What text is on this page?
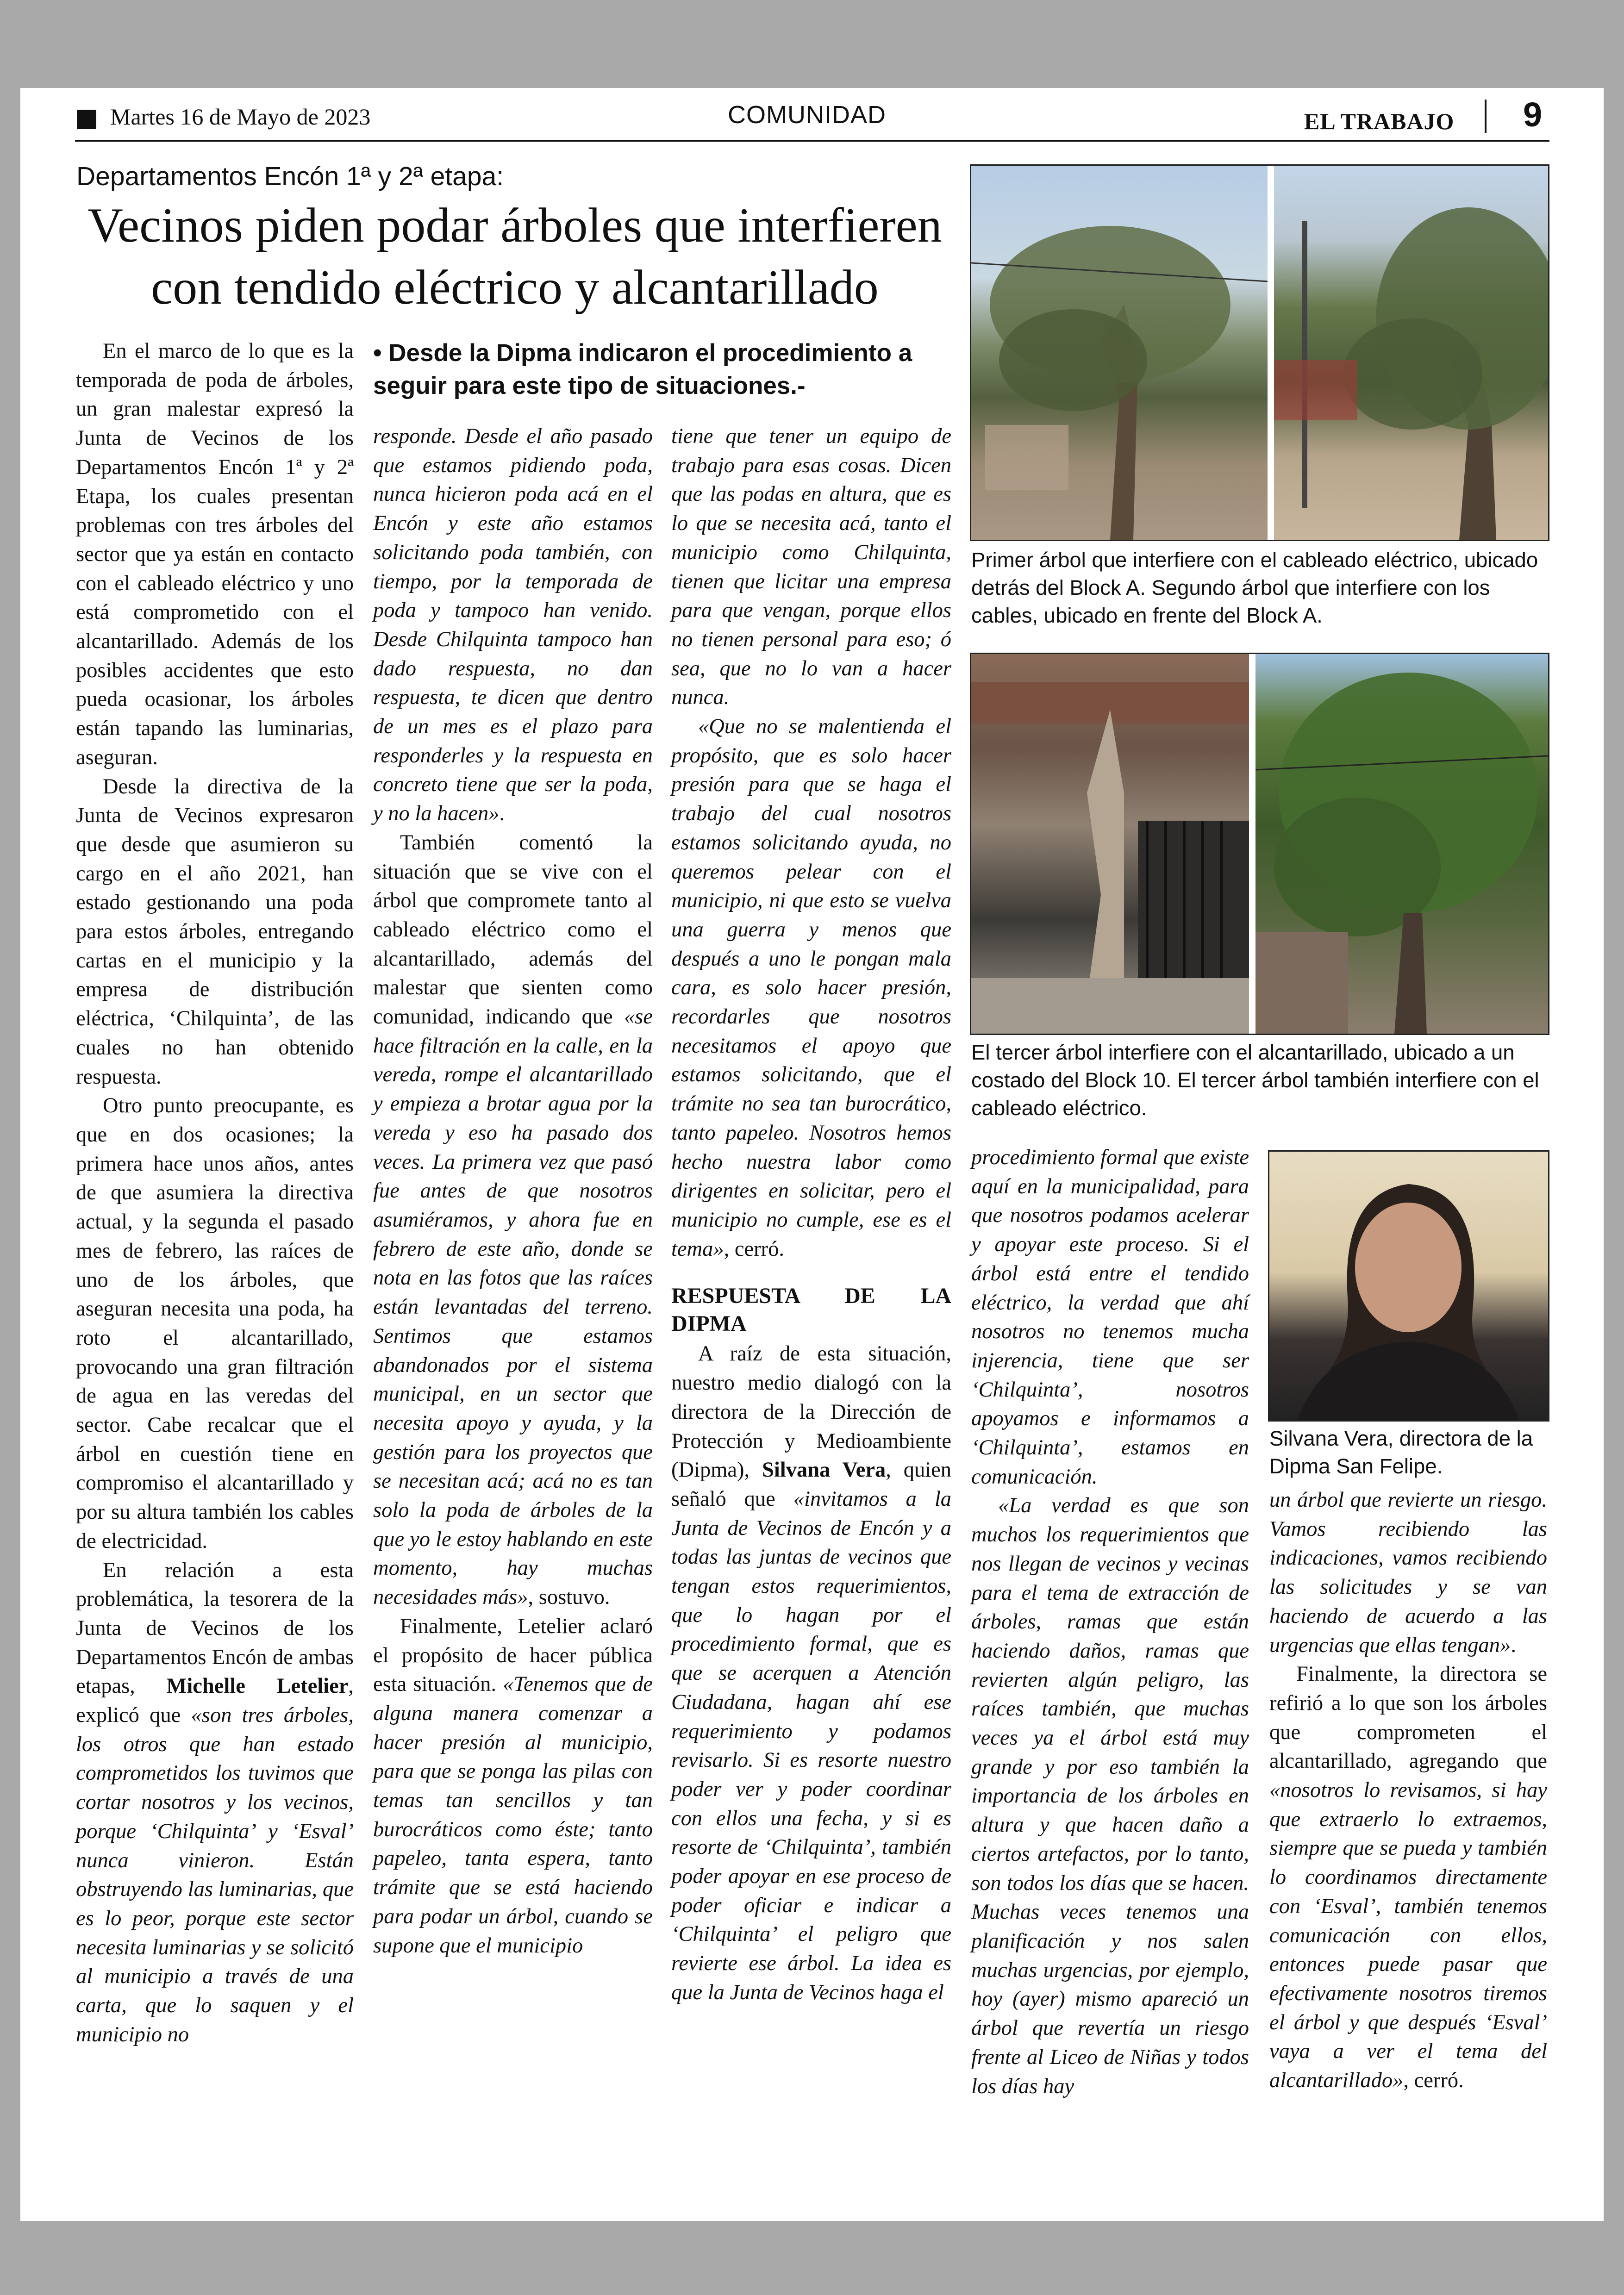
Martes 16 de Mayo de 2023	COMUNIDAD	EL TRABAJO 9
Departamentos Encón 1ª y 2ª etapa:
Vecinos piden podar árboles que interfieren
con tendido eléctrico y alcantarillado
• Desde la Dipma indicaron el procedimiento a seguir para este tipo de situaciones.-

En el marco de lo que es la temporada de poda de árboles, un gran malestar expresó la Junta de Vecinos de los Departamentos Encón 1ª y 2ª Etapa, los cuales presentan problemas con tres árboles del sector que ya están en contacto con el cableado eléctrico y uno está comprometido con el alcantarillado. Además de los posibles accidentes que esto pueda ocasionar, los árboles están tapando las luminarias, aseguran.

Desde la directiva de la Junta de Vecinos expresaron que desde que asumieron su cargo en el año 2021, han estado gestionando una poda para estos árboles, entregando cartas en el municipio y la empresa de distribución eléctrica, ‘Chilquinta’, de las cuales no han obtenido respuesta.

Otro punto preocupante, es que en dos ocasiones; la primera hace unos años, antes de que asumiera la directiva actual, y la segunda el pasado mes de febrero, las raíces de uno de los árboles, que aseguran necesita una poda, ha roto el alcantarillado, provocando una gran filtración de agua en las veredas del sector. Cabe recalcar que el árbol en cuestión tiene en compromiso el alcantarillado y por su altura también los cables de electricidad.

En relación a esta problemática, la tesorera de la Junta de Vecinos de los Departamentos Encón de ambas etapas, Michelle Letelier, explicó que «son tres árboles, los otros que han estado comprometidos los tuvimos que cortar nosotros y los vecinos, porque ‘Chilquinta’ y ‘Esval’ nunca vinieron. Están obstruyendo las luminarias, que es lo peor, porque este sector necesita luminarias y se solicitó al municipio a través de una carta, que lo saquen y el municipio no

responde. Desde el año pasado que estamos pidiendo poda, nunca hicieron poda acá en el Encón y este año estamos solicitando poda también, con tiempo, por la temporada de poda y tampoco han venido. Desde Chilquinta tampoco han dado respuesta, no dan respuesta, te dicen que dentro de un mes es el plazo para responderles y la respuesta en concreto tiene que ser la poda, y no la hacen».

También comentó la situación que se vive con el árbol que compromete tanto al cableado eléctrico como el alcantarillado, además del malestar que sienten como comunidad, indicando que «se hace filtración en la calle, en la vereda, rompe el alcantarillado y empieza a brotar agua por la vereda y eso ha pasado dos veces. La primera vez que pasó fue antes de que nosotros asumiéramos, y ahora fue en febrero de este año, donde se nota en las fotos que las raíces están levantadas del terreno. Sentimos que estamos abandonados por el sistema municipal, en un sector que necesita apoyo y ayuda, y la gestión para los proyectos que se necesitan acá; acá no es tan solo la poda de árboles de la que yo le estoy hablando en este momento, hay muchas necesidades más», sostuvo.

Finalmente, Letelier aclaró el propósito de hacer pública esta situación. «Tenemos que de alguna manera comenzar a hacer presión al municipio, para que se ponga las pilas con temas tan sencillos y tan burocráticos como éste; tanto papeleo, tanta espera, tanto trámite que se está haciendo para podar un árbol, cuando se supone que el municipio

tiene que tener un equipo de trabajo para esas cosas. Dicen que las podas en altura, que es lo que se necesita acá, tanto el municipio como Chilquinta, tienen que licitar una empresa para que vengan, porque ellos no tienen personal para eso; ó sea, que no lo van a hacer nunca.

«Que no se malentienda el propósito, que es solo hacer presión para que se haga el trabajo del cual nosotros estamos solicitando ayuda, no queremos pelear con el municipio, ni que esto se vuelva una guerra y menos que después a uno le pongan mala cara, es solo hacer presión, recordarles que nosotros necesitamos el apoyo que estamos solicitando, que el trámite no sea tan burocrático, tanto papeleo. Nosotros hemos hecho nuestra labor como dirigentes en solicitar, pero el municipio no cumple, ese es el tema», cerró.

RESPUESTA DE LA DIPMA

A raíz de esta situación, nuestro medio dialogó con la directora de la Dirección de Protección y Medioambiente (Dipma), Silvana Vera, quien señaló que «invitamos a la Junta de Vecinos de Encón y a todas las juntas de vecinos que tengan estos requerimientos, que lo hagan por el procedimiento formal, que es que se acerquen a Atención Ciudadana, hagan ahí ese requerimiento y podamos revisarlo. Si es resorte nuestro poder ver y poder coordinar con ellos una fecha, y si es resorte de ‘Chilquinta’, también poder apoyar en ese proceso de poder oficiar e indicar a ‘Chilquinta’ el peligro que revierte ese árbol. La idea es que la Junta de Vecinos haga el

procedimiento formal que existe aquí en la municipalidad, para que nosotros podamos acelerar y apoyar este proceso. Si el árbol está entre el tendido eléctrico, la verdad que ahí nosotros no tenemos mucha injerencia, tiene que ser ‘Chilquinta’, nosotros apoyamos e informamos a ‘Chilquinta’, estamos en comunicación.

«La verdad es que son muchos los requerimientos que nos llegan de vecinos y vecinas para el tema de extracción de árboles, ramas que están haciendo daños, ramas que revierten algún peligro, las raíces también, que muchas veces ya el árbol está muy grande y por eso también la importancia de los árboles en altura y que hacen daño a ciertos artefactos, por lo tanto, son todos los días que se hacen. Muchas veces tenemos una planificación y nos salen muchas urgencias, por ejemplo, hoy (ayer) mismo apareció un árbol que revertía un riesgo frente al Liceo de Niñas y todos los días hay

un árbol que revierte un riesgo. Vamos recibiendo las indicaciones, vamos recibiendo las solicitudes y se van haciendo de acuerdo a las urgencias que ellas tengan».

Finalmente, la directora se refirió a lo que son los árboles que comprometen el alcantarillado, agregando que «nosotros lo revisamos, si hay que extraerlo lo extraemos, siempre que se pueda y también lo coordinamos directamente con ‘Esval’, también tenemos comunicación con ellos, entonces puede pasar que efectivamente nosotros tiremos el árbol y que después ‘Esval’ vaya a ver el tema del alcantarillado», cerró.

Primer árbol que interfiere con el cableado eléctrico, ubicado detrás del Block A. Segundo árbol que interfiere con los cables, ubicado en frente del Block A.
El tercer árbol interfiere con el alcantarillado, ubicado a un costado del Block 10. El tercer árbol también interfiere con el cableado eléctrico.
Silvana Vera, directora de la Dipma San Felipe.
